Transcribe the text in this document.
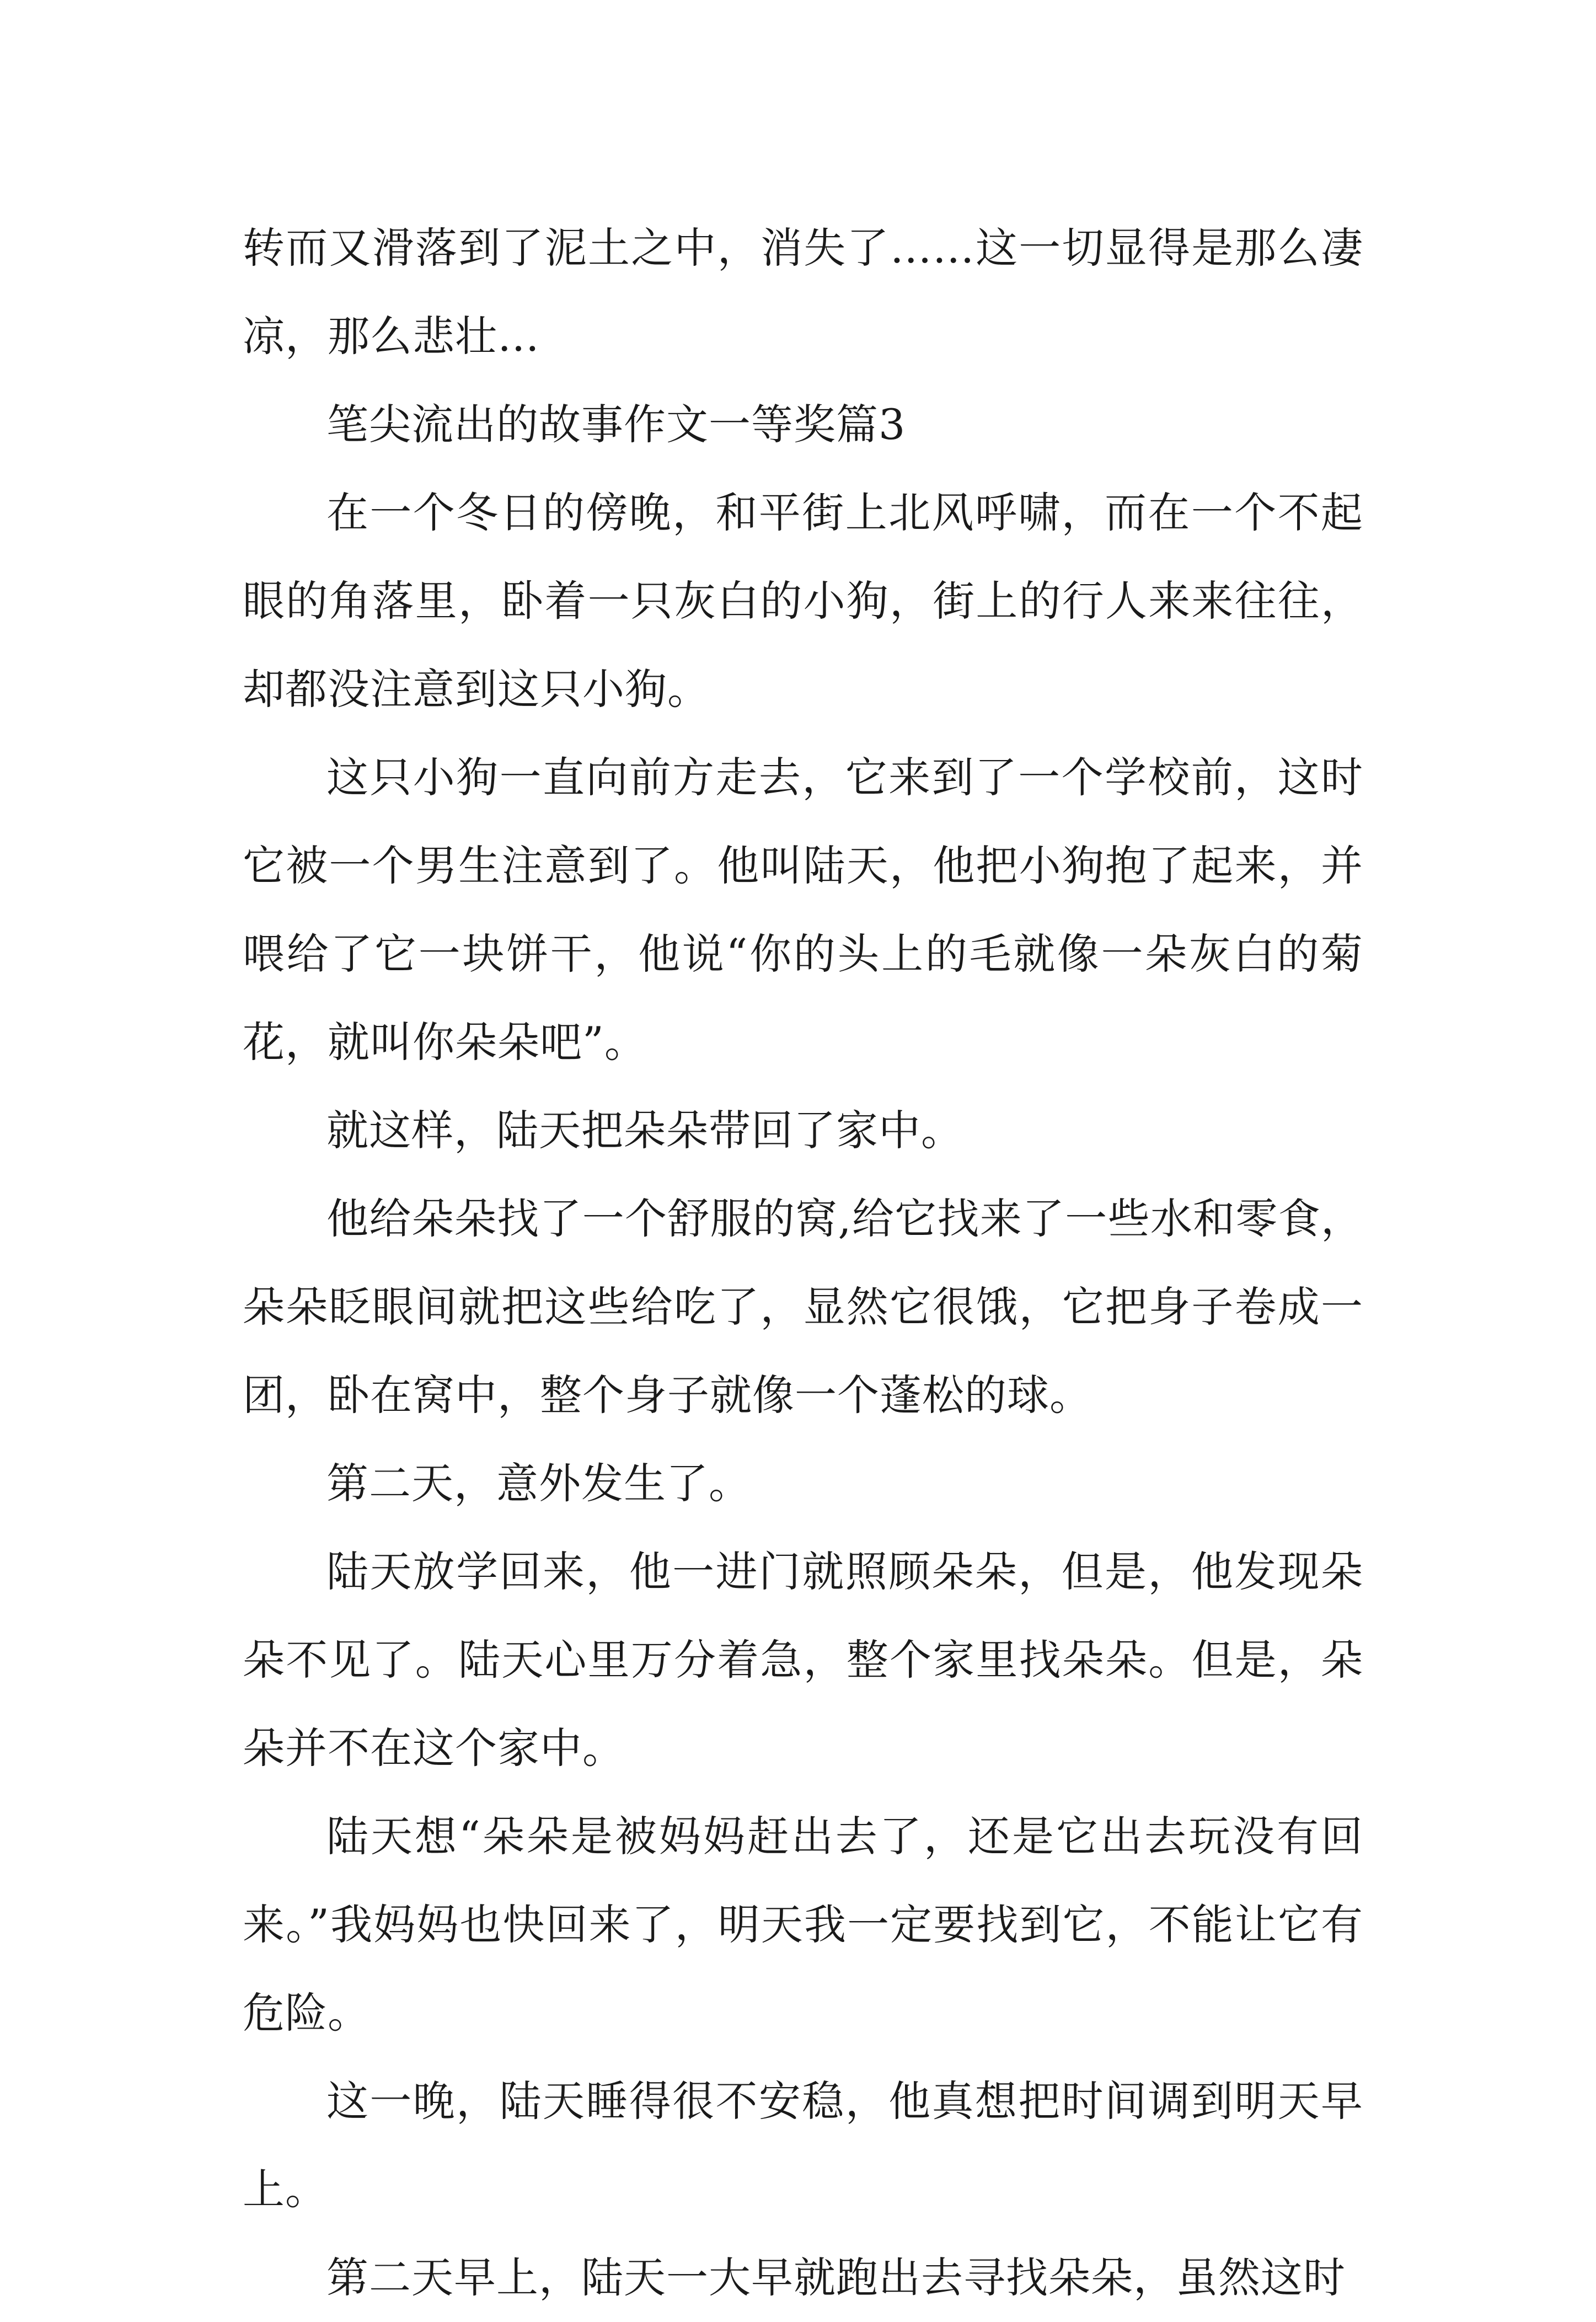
转而又滑落到了泥土之中，消失了……这一切显得是那么凄凉，那么悲壮…

笔尖流出的故事作文一等奖篇3

在一个冬日的傍晚，和平街上北风呼啸，而在一个不起眼的角落里，卧着一只灰白的小狗，街上的行人来来往往，却都没注意到这只小狗。

这只小狗一直向前方走去，它来到了一个学校前，这时它被一个男生注意到了。他叫陆天，他把小狗抱了起来，并喂给了它一块饼干，他说“你的头上的毛就像一朵灰白的菊花，就叫你朵朵吧”。

就这样，陆天把朵朵带回了家中。

他给朵朵找了一个舒服的窝,给它找来了一些水和零食，朵朵眨眼间就把这些给吃了，显然它很饿，它把身子卷成一团，卧在窝中，整个身子就像一个蓬松的球。

第二天，意外发生了。

陆天放学回来，他一进门就照顾朵朵，但是，他发现朵朵不见了。陆天心里万分着急，整个家里找朵朵。但是，朵朵并不在这个家中。

陆天想“朵朵是被妈妈赶出去了，还是它出去玩没有回来。”我妈妈也快回来了，明天我一定要找到它，不能让它有危险。

这一晚，陆天睡得很不安稳，他真想把时间调到明天早上。

第二天早上，陆天一大早就跑出去寻找朵朵，虽然这时
